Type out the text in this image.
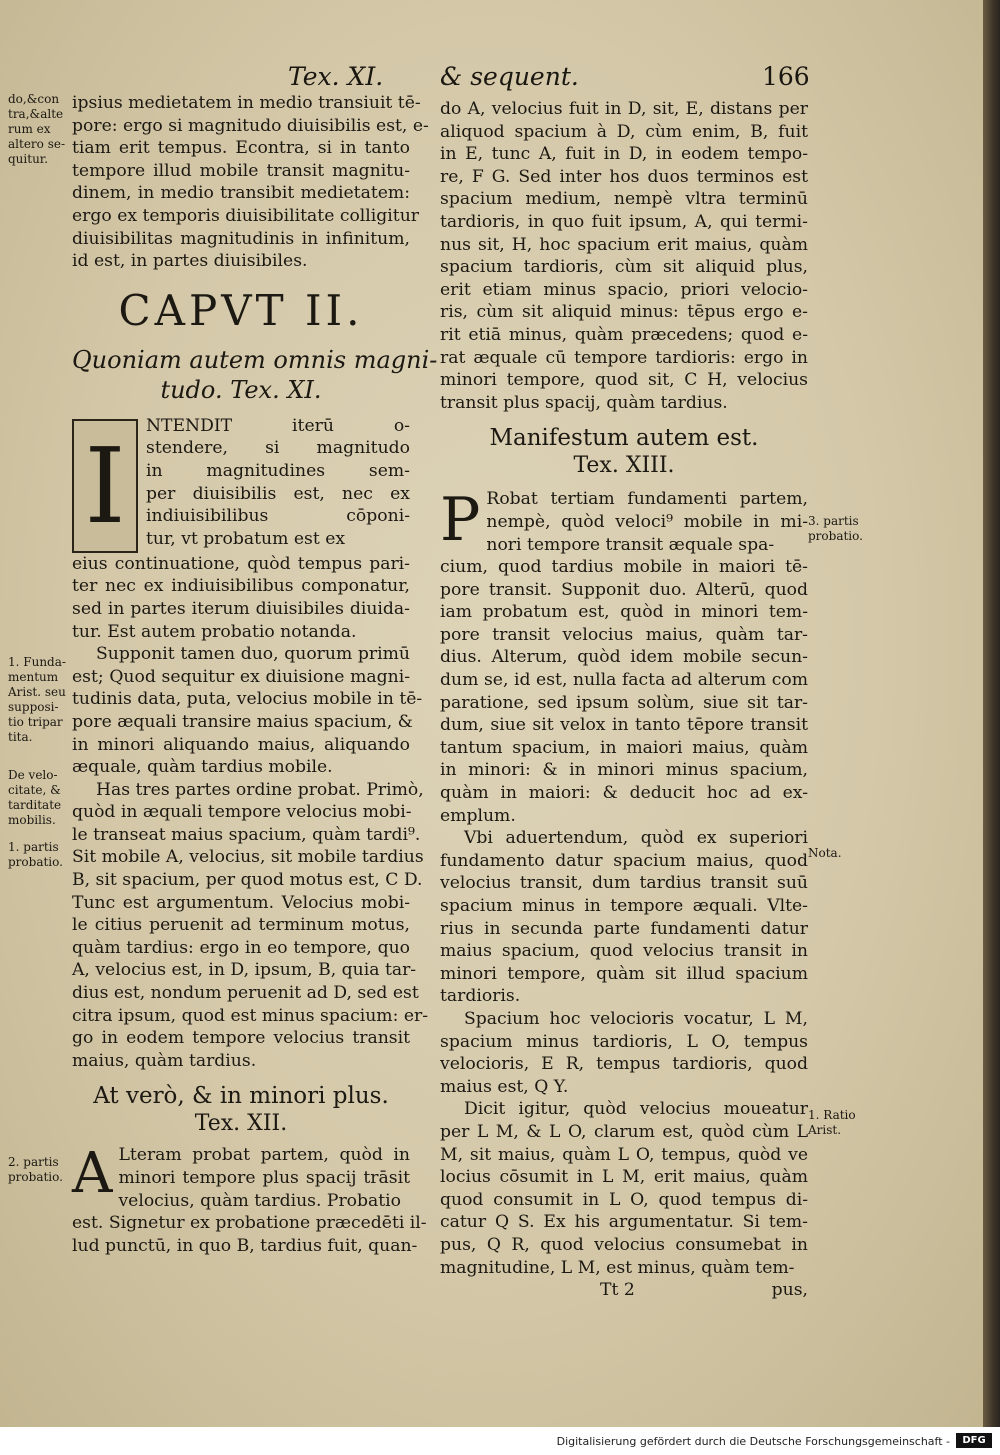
Tex. XI. & sequent.	166
do,&con
tra,&alte
rum ex
altero se-
quitur.
1. Funda-
mentum
Arist. seu
supposi-
tio tripar
tita.
De velo-
citate, &
tarditate
mobilis.
1. partis
probatio.
2. partis
probatio.
3. partis
probatio.
Nota.
1. Ratio
Arist.
ipsius medietatem in medio transiuit tē-
pore: ergo si magnitudo diuisibilis est, e-
tiam erit tempus. Econtra, si in tanto
tempore illud mobile transit magnitu-
dinem, in medio transibit medietatem:
ergo ex temporis diuisibilitate colligitur
diuisibilitas magnitudinis in infinitum,
id est, in partes diuisibiles.
CAPVT II.
Quoniam autem omnis magni-
tudo. Tex. XI.
I	NTENDIT iterū o-
stendere, si magnitudo
in magnitudines sem-
per diuisibilis est, nec ex
indiuisibilibus cōponi-
tur, vt probatum est ex
eius continuatione, quòd tempus pari-
ter nec ex indiuisibilibus componatur,
sed in partes iterum diuisibiles diuida-
tur. Est autem probatio notanda.
Supponit tamen duo, quorum primū
est; Quod sequitur ex diuisione magni-
tudinis data, puta, velocius mobile in tē-
pore æquali transire maius spacium, &
in minori aliquando maius, aliquando
æquale, quàm tardius mobile.
Has tres partes ordine probat. Primò,
quòd in æquali tempore velocius mobi-
le transeat maius spacium, quàm tardi⁹.
Sit mobile A, velocius, sit mobile tardius
B, sit spacium, per quod motus est, C D.
Tunc est argumentum. Velocius mobi-
le citius peruenit ad terminum motus,
quàm tardius: ergo in eo tempore, quo
A, velocius est, in D, ipsum, B, quia tar-
dius est, nondum peruenit ad D, sed est
citra ipsum, quod est minus spacium: er-
go in eodem tempore velocius transit
maius, quàm tardius.
At verò, & in minori plus.
Tex. XII.
A Lteram probat partem, quòd in
minori tempore plus spacij trāsit
velocius, quàm tardius. Probatio
est. Signetur ex probatione præcedēti il-
lud punctū, in quo B, tardius fuit, quan-
do A, velocius fuit in D, sit, E, distans per
aliquod spacium à D, cùm enim, B, fuit
in E, tunc A, fuit in D, in eodem tempo-
re, F G. Sed inter hos duos terminos est
spacium medium, nempè vltra terminū
tardioris, in quo fuit ipsum, A, qui termi-
nus sit, H, hoc spacium erit maius, quàm
spacium tardioris, cùm sit aliquid plus,
erit etiam minus spacio, priori velocio-
ris, cùm sit aliquid minus: tēpus ergo e-
rit etiā minus, quàm præcedens; quod e-
rat æquale cū tempore tardioris: ergo in
minori tempore, quod sit, C H, velocius
transit plus spacij, quàm tardius.
Manifestum autem est.
Tex. XIII.
P Robat tertiam fundamenti partem,
nempè, quòd veloci⁹ mobile in mi-
nori tempore transit æquale spa-
cium, quod tardius mobile in maiori tē-
pore transit. Supponit duo. Alterū, quod
iam probatum est, quòd in minori tem-
pore transit velocius maius, quàm tar-
dius. Alterum, quòd idem mobile secun-
dum se, id est, nulla facta ad alterum com
paratione, sed ipsum solùm, siue sit tar-
dum, siue sit velox in tanto tēpore transit
tantum spacium, in maiori maius, quàm
in minori: & in minori minus spacium,
quàm in maiori: & deducit hoc ad ex-
emplum.
Vbi aduertendum, quòd ex superiori
fundamento datur spacium maius, quod
velocius transit, dum tardius transit suū
spacium minus in tempore æquali. Vlte-
rius in secunda parte fundamenti datur
maius spacium, quod velocius transit in
minori tempore, quàm sit illud spacium
tardioris.
Spacium hoc velocioris vocatur, L M,
spacium minus tardioris, L O, tempus
velocioris, E R, tempus tardioris, quod
maius est, Q Y.
Dicit igitur, quòd velocius moueatur
per L M, & L O, clarum est, quòd cùm L
M, sit maius, quàm L O, tempus, quòd ve
locius cōsumit in L M, erit maius, quàm
quod consumit in L O, quod tempus di-
catur Q S. Ex his argumentatur. Si tem-
pus, Q R, quod velocius consumebat in
magnitudine, L M, est minus, quàm tem-
Tt 2	pus,
Digitalisierung gefördert durch die Deutsche Forschungsgemeinschaft -	DFG
